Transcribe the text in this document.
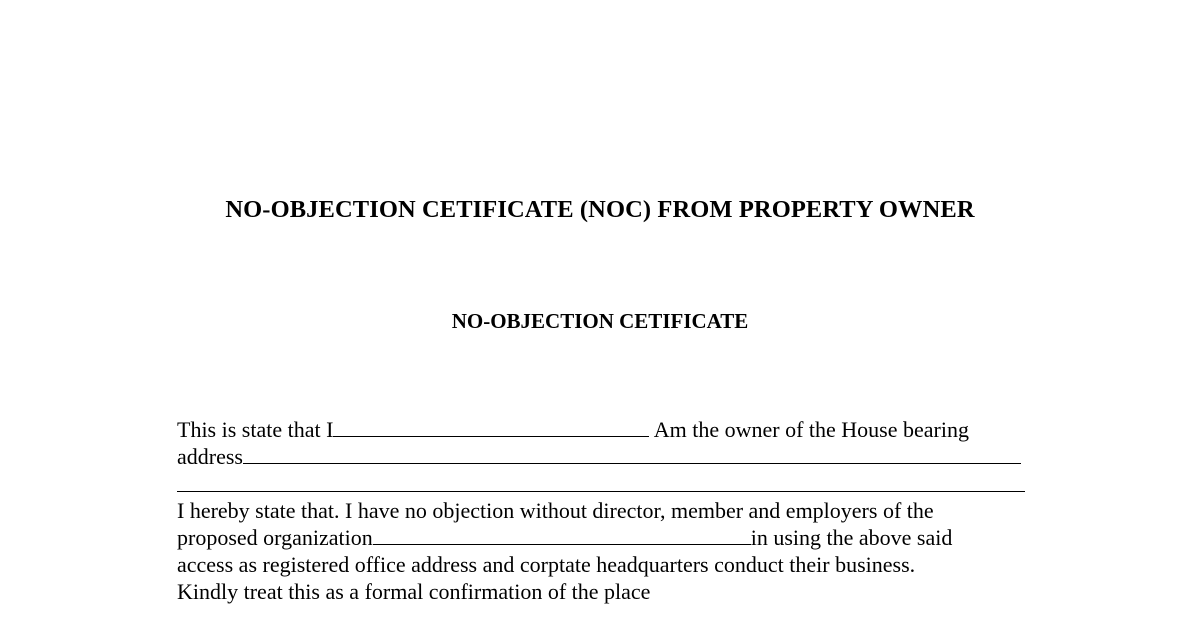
NO-OBJECTION CETIFICATE (NOC) FROM PROPERTY OWNER
NO-OBJECTION CETIFICATE
This is state that I	Am the owner of the House bearing
address
I hereby state that. I have no objection without director, member and employers of the
proposed organization	in using the above said
access as registered office address and corptate headquarters conduct their business.
Kindly treat this as a formal confirmation of the place
